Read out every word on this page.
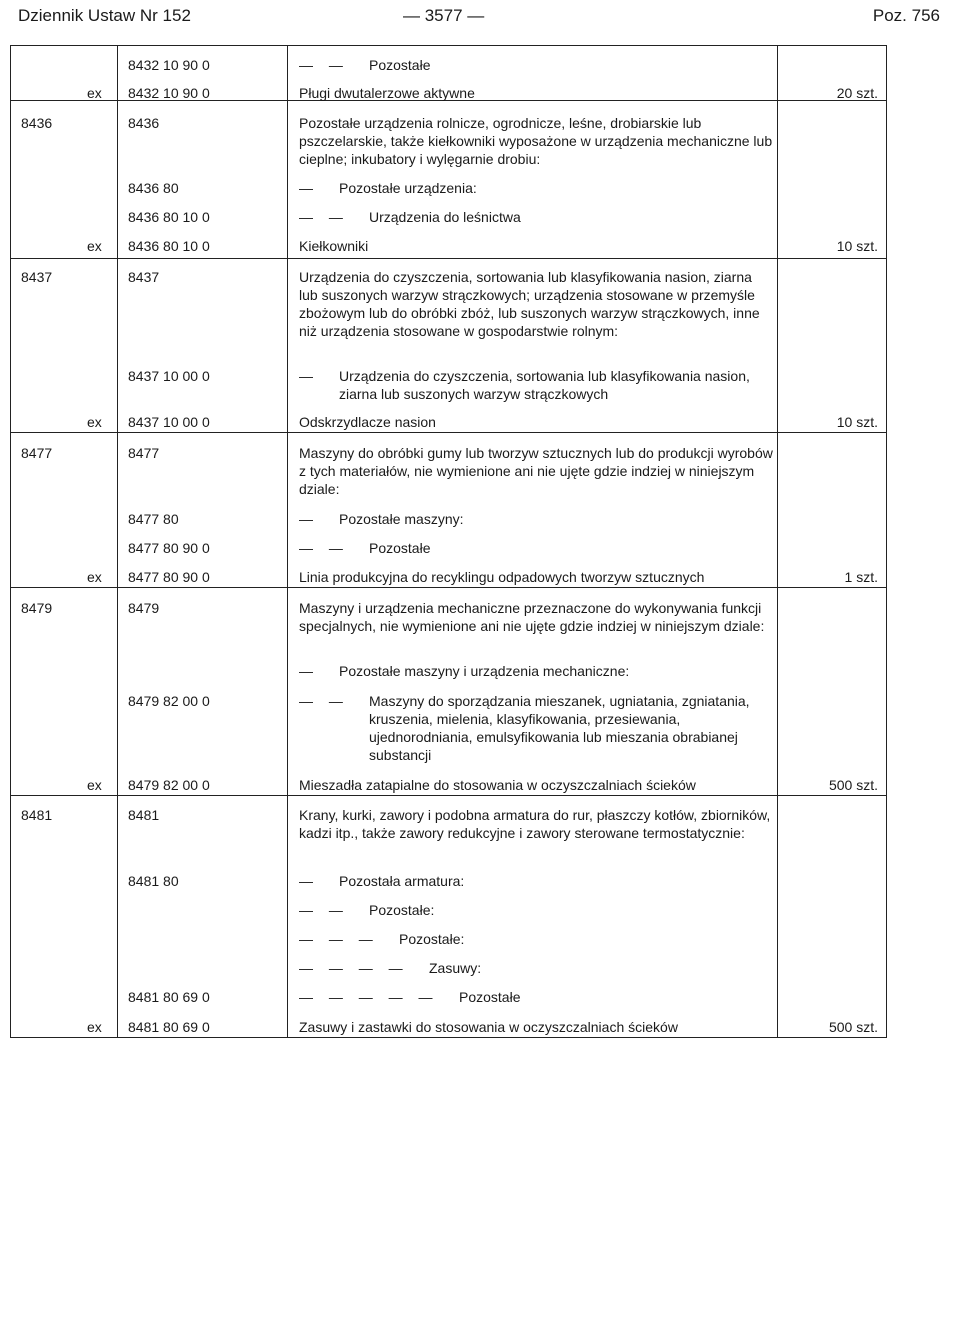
Dziennik Ustaw Nr 152	— 3577 —	Poz. 756
8432 10 90 0	— — Pozostałe
ex 8432 10 90 0	Pługi dwutalerzowe aktywne	20 szt.
8436	8436	Pozostałe urządzenia rolnicze, ogrodnicze, leśne, drobiarskie lub pszczelarskie, także kiełkowniki wyposażone w urządzenia mechaniczne lub cieplne; inkubatory i wylęgarnie drobiu:
8436 80	— Pozostałe urządzenia:
8436 80 10 0	— — Urządzenia do leśnictwa
ex 8436 80 10 0	Kiełkowniki	10 szt.
8437	8437	Urządzenia do czyszczenia, sortowania lub klasyfikowania nasion, ziarna lub suszonych warzyw strączkowych; urządzenia stosowane w przemyśle zbożowym lub do obróbki zbóż, lub suszonych warzyw strączkowych, inne niż urządzenia stosowane w gospodarstwie rolnym:
8437 10 00 0	— Urządzenia do czyszczenia, sortowania lub klasyfikowania nasion, ziarna lub suszonych warzyw strączkowych
ex 8437 10 00 0	Odskrzydlacze nasion	10 szt.
8477	8477	Maszyny do obróbki gumy lub tworzyw sztucznych lub do produkcji wyrobów z tych materiałów, nie wymienione ani nie ujęte gdzie indziej w niniejszym dziale:
8477 80	— Pozostałe maszyny:
8477 80 90 0	— — Pozostałe
ex 8477 80 90 0	Linia produkcyjna do recyklingu odpadowych tworzyw sztucznych	1 szt.
8479	8479	Maszyny i urządzenia mechaniczne przeznaczone do wykonywania funkcji specjalnych, nie wymienione ani nie ujęte gdzie indziej w niniejszym dziale:
— Pozostałe maszyny i urządzenia mechaniczne:
8479 82 00 0	— — Maszyny do sporządzania mieszanek, ugniatania, zgniatania, kruszenia, mielenia, klasyfikowania, przesiewania, ujednorodniania, emulsyfikowania lub mieszania obrabianej substancji
ex 8479 82 00 0	Mieszadła zatapialne do stosowania w oczyszczalniach ścieków	500 szt.
8481	8481	Krany, kurki, zawory i podobna armatura do rur, płaszczy kotłów, zbiorników, kadzi itp., także zawory redukcyjne i zawory sterowane termostatycznie:
8481 80	— Pozostała armatura:
— — Pozostałe:
— — — Pozostałe:
— — — — Zasuwy:
8481 80 69 0	— — — — — Pozostałe
ex 8481 80 69 0	Zasuwy i zastawki do stosowania w oczyszczalniach ścieków	500 szt.
